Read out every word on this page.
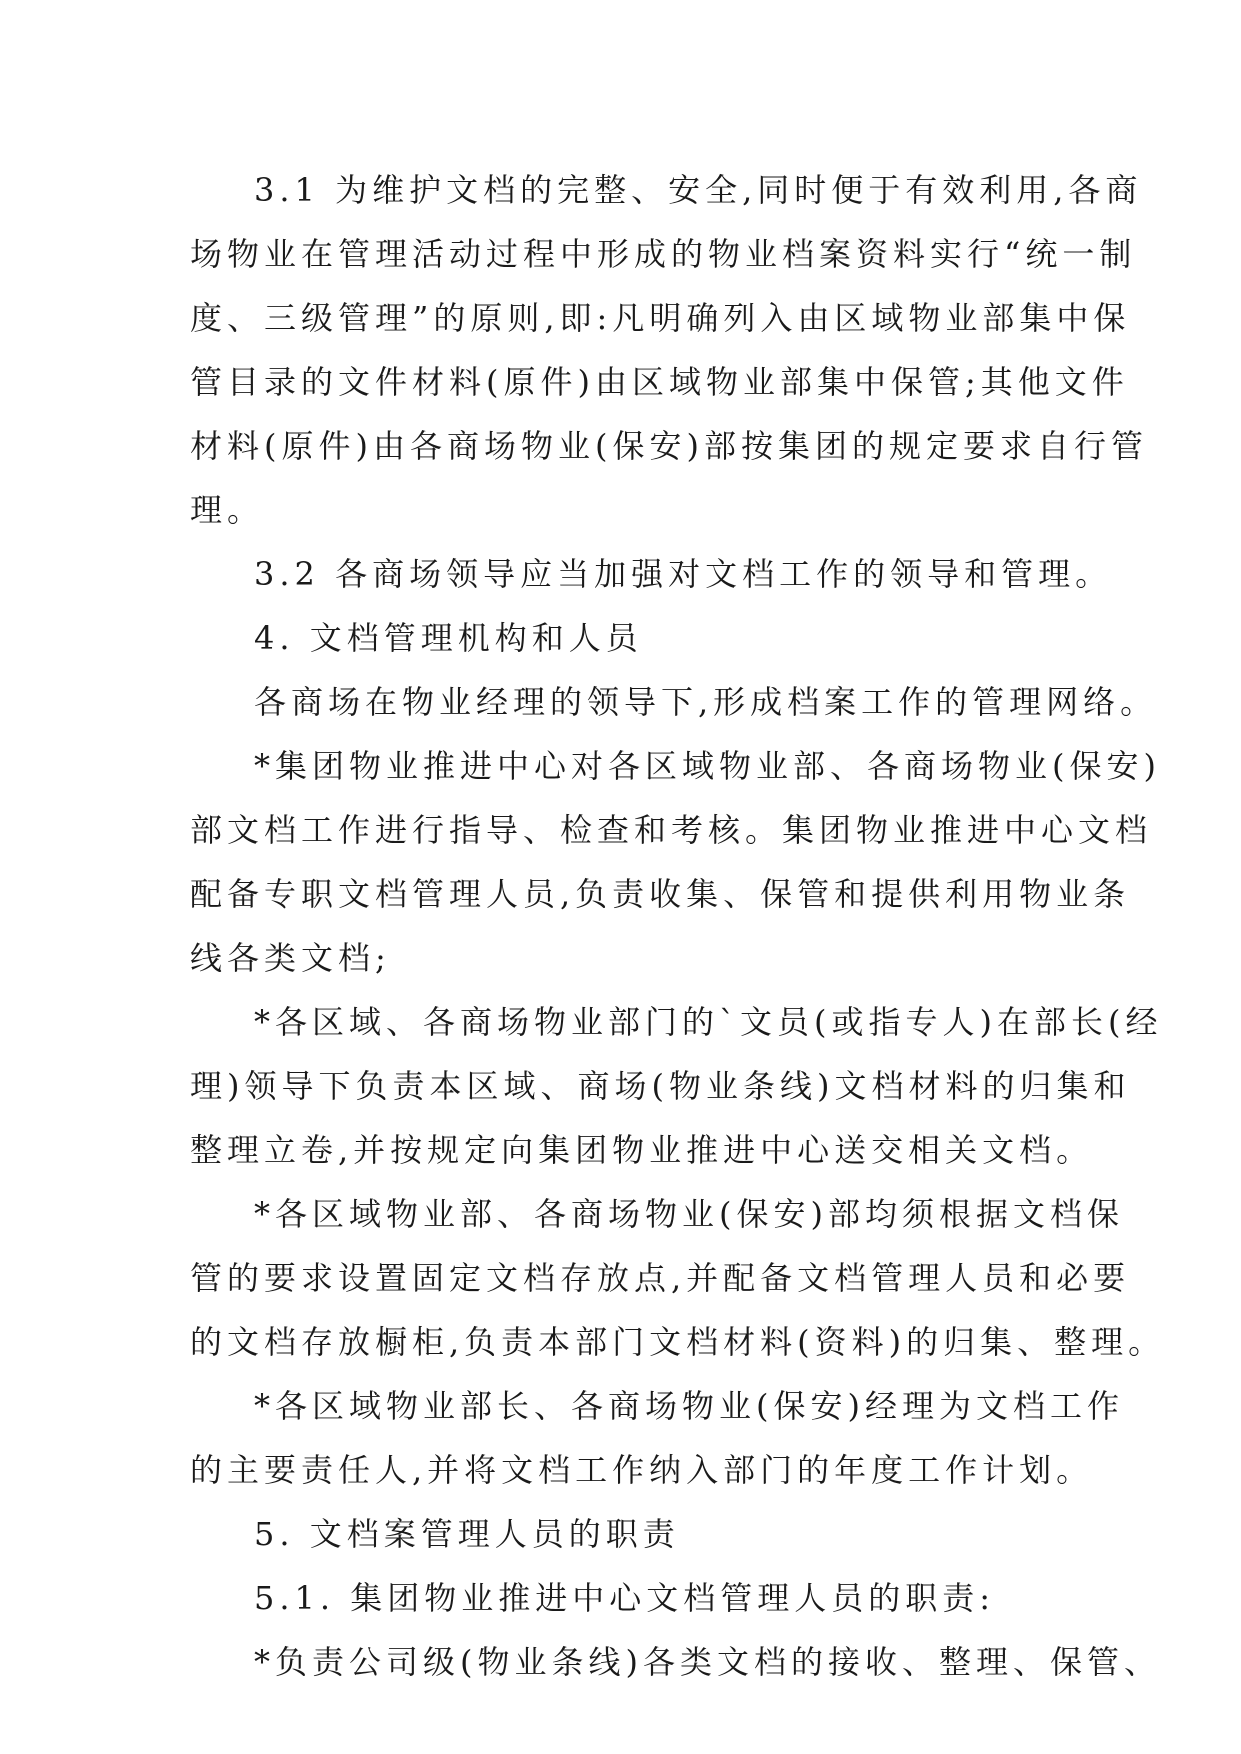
3.1 为维护文档的完整、安全,同时便于有效利用,各商
场物业在管理活动过程中形成的物业档案资料实行“统一制
度、三级管理”的原则,即:凡明确列入由区域物业部集中保
管目录的文件材料(原件)由区域物业部集中保管;其他文件
材料(原件)由各商场物业(保安)部按集团的规定要求自行管
理。
3.2 各商场领导应当加强对文档工作的领导和管理。
4. 文档管理机构和人员
各商场在物业经理的领导下,形成档案工作的管理网络。
*集团物业推进中心对各区域物业部、各商场物业(保安)
部文档工作进行指导、检查和考核。集团物业推进中心文档
配备专职文档管理人员,负责收集、保管和提供利用物业条
线各类文档;
*各区域、各商场物业部门的`文员(或指专人)在部长(经
理)领导下负责本区域、商场(物业条线)文档材料的归集和
整理立卷,并按规定向集团物业推进中心送交相关文档。
*各区域物业部、各商场物业(保安)部均须根据文档保
管的要求设置固定文档存放点,并配备文档管理人员和必要
的文档存放橱柜,负责本部门文档材料(资料)的归集、整理。
*各区域物业部长、各商场物业(保安)经理为文档工作
的主要责任人,并将文档工作纳入部门的年度工作计划。
5. 文档案管理人员的职责
5.1. 集团物业推进中心文档管理人员的职责:
*负责公司级(物业条线)各类文档的接收、整理、保管、
